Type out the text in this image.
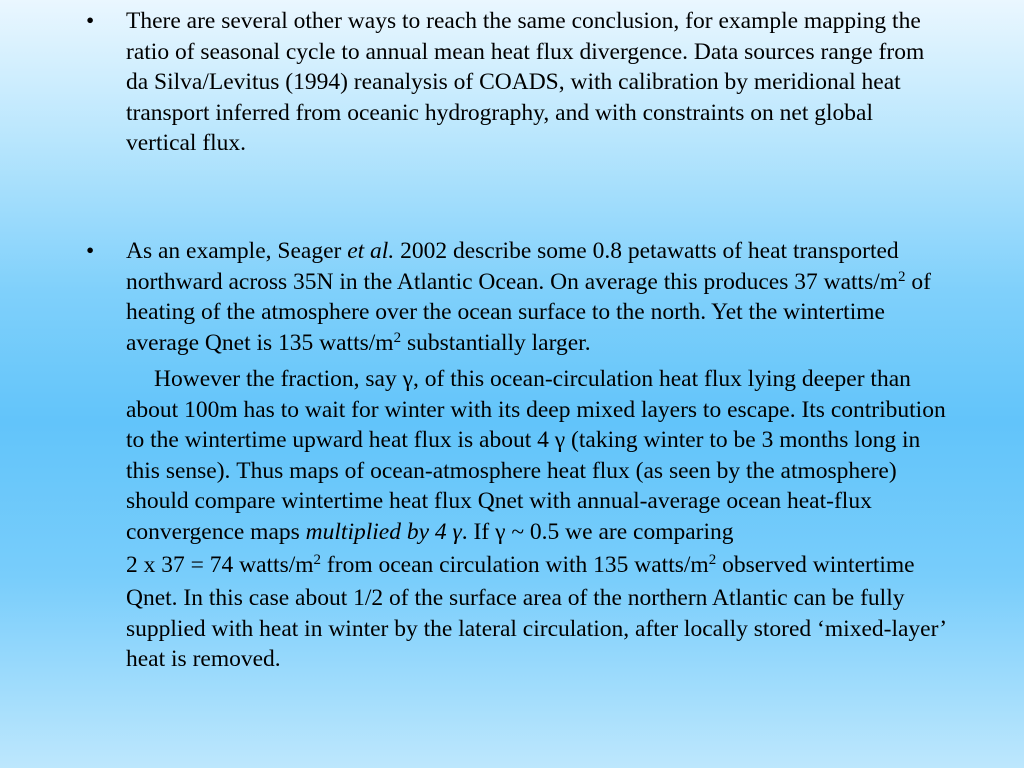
•	There are several other ways to reach the same conclusion, for example mapping the ratio of seasonal cycle to annual mean heat flux divergence. Data sources range from da Silva/Levitus (1994) reanalysis of COADS, with calibration by meridional heat transport inferred from oceanic hydrography, and with constraints on net global vertical flux.

•	As an example, Seager et al. 2002 describe some 0.8 petawatts of heat transported northward across 35N in the Atlantic Ocean. On average this produces 37 watts/$m^2$ of heating of the atmosphere over the ocean surface to the north. Yet the wintertime average Qnet is 135 watts/$m^2$ substantially larger.

However the fraction, say γ, of this ocean-circulation heat flux lying deeper than about 100m has to wait for winter with its deep mixed layers to escape. Its contribution to the wintertime upward heat flux is about 4 γ (taking winter to be 3 months long in this sense). Thus maps of ocean-atmosphere heat flux (as seen by the atmosphere) should compare wintertime heat flux Qnet with annual-average ocean heat-flux convergence maps multiplied by 4 γ. If γ ~ 0.5 we are comparing
2 x 37 = 74 watts/$m^2$ from ocean circulation with 135 watts/$m^2$ observed wintertime Qnet. In this case about 1/2 of the surface area of the northern Atlantic can be fully supplied with heat in winter by the lateral circulation, after locally stored ‘mixed-layer’ heat is removed.
